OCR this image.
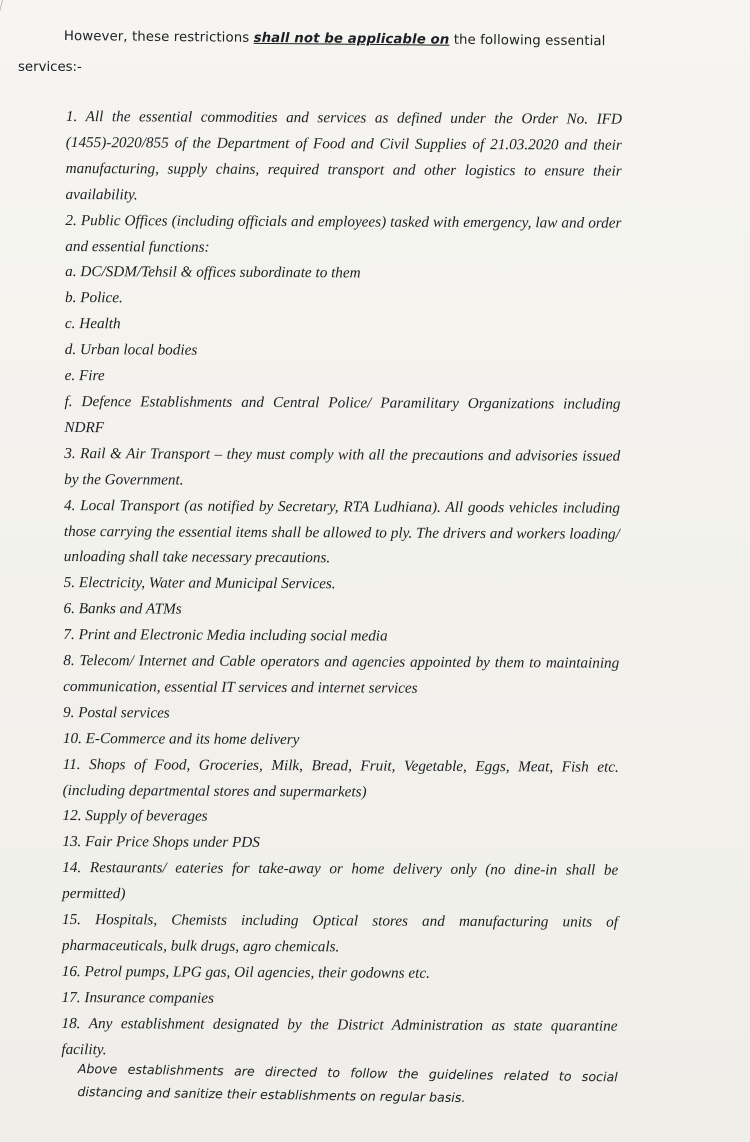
However, these restrictions shall not be applicable on the following essential
services:-

1. All the essential commodities and services as defined under the Order No. IFD (1455)-2020/855 of the Department of Food and Civil Supplies of 21.03.2020 and their manufacturing, supply chains, required transport and other logistics to ensure their availability.

2. Public Offices (including officials and employees) tasked with emergency, law and order and essential functions:

a. DC/SDM/Tehsil & offices subordinate to them

b. Police.

c. Health

d. Urban local bodies

e. Fire

f. Defence Establishments and Central Police/ Paramilitary Organizations including NDRF

3. Rail & Air Transport – they must comply with all the precautions and advisories issued by the Government.

4. Local Transport (as notified by Secretary, RTA Ludhiana). All goods vehicles including those carrying the essential items shall be allowed to ply. The drivers and workers loading/ unloading shall take necessary precautions.

5. Electricity, Water and Municipal Services.

6. Banks and ATMs

7. Print and Electronic Media including social media

8. Telecom/ Internet and Cable operators and agencies appointed by them to maintaining communication, essential IT services and internet services

9. Postal services

10. E-Commerce and its home delivery

11. Shops of Food, Groceries, Milk, Bread, Fruit, Vegetable, Eggs, Meat, Fish etc. (including departmental stores and supermarkets)

12. Supply of beverages

13. Fair Price Shops under PDS

14. Restaurants/ eateries for take-away or home delivery only (no dine-in shall be permitted)

15. Hospitals, Chemists including Optical stores and manufacturing units of pharmaceuticals, bulk drugs, agro chemicals.

16. Petrol pumps, LPG gas, Oil agencies, their godowns etc.

17. Insurance companies

18. Any establishment designated by the District Administration as state quarantine facility.

Above establishments are directed to follow the guidelines related to social

distancing and sanitize their establishments on regular basis.
